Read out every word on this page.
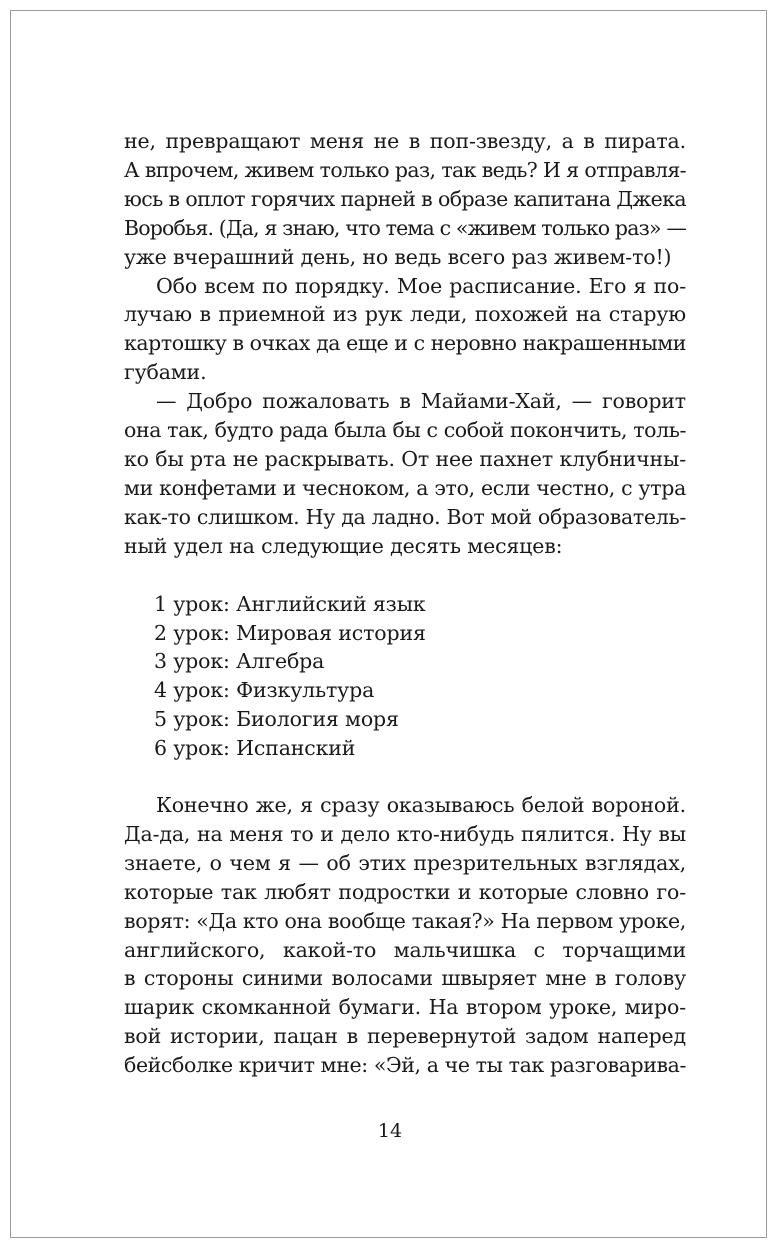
не, превращают меня не в поп-звезду, а в пирата.
А впрочем, живем только раз, так ведь? И я отправля-
юсь в оплот горячих парней в образе капитана Джека
Воробья. (Да, я знаю, что тема с «живем только раз» —
уже вчерашний день, но ведь всего раз живем-то!)

Обо всем по порядку. Мое расписание. Его я по-
лучаю в приемной из рук леди, похожей на старую
картошку в очках да еще и с неровно накрашенными
губами.

— Добро пожаловать в Майами-Хай, — говорит
она так, будто рада была бы с собой покончить, толь-
ко бы рта не раскрывать. От нее пахнет клубничны-
ми конфетами и чесноком, а это, если честно, с утра
как-то слишком. Ну да ладно. Вот мой образователь-
ный удел на следующие десять месяцев:

1 урок: Английский язык
2 урок: Мировая история
3 урок: Алгебра
4 урок: Физкультура
5 урок: Биология моря
6 урок: Испанский

Конечно же, я сразу оказываюсь белой вороной.
Да-да, на меня то и дело кто-нибудь пялится. Ну вы
знаете, о чем я — об этих презрительных взглядах,
которые так любят подростки и которые словно го-
ворят: «Да кто она вообще такая?» На первом уроке,
английского, какой-то мальчишка с торчащими
в стороны синими волосами швыряет мне в голову
шарик скомканной бумаги. На втором уроке, миро-
вой истории, пацан в перевернутой задом наперед
бейсболке кричит мне: «Эй, а че ты так разговарива-

14
